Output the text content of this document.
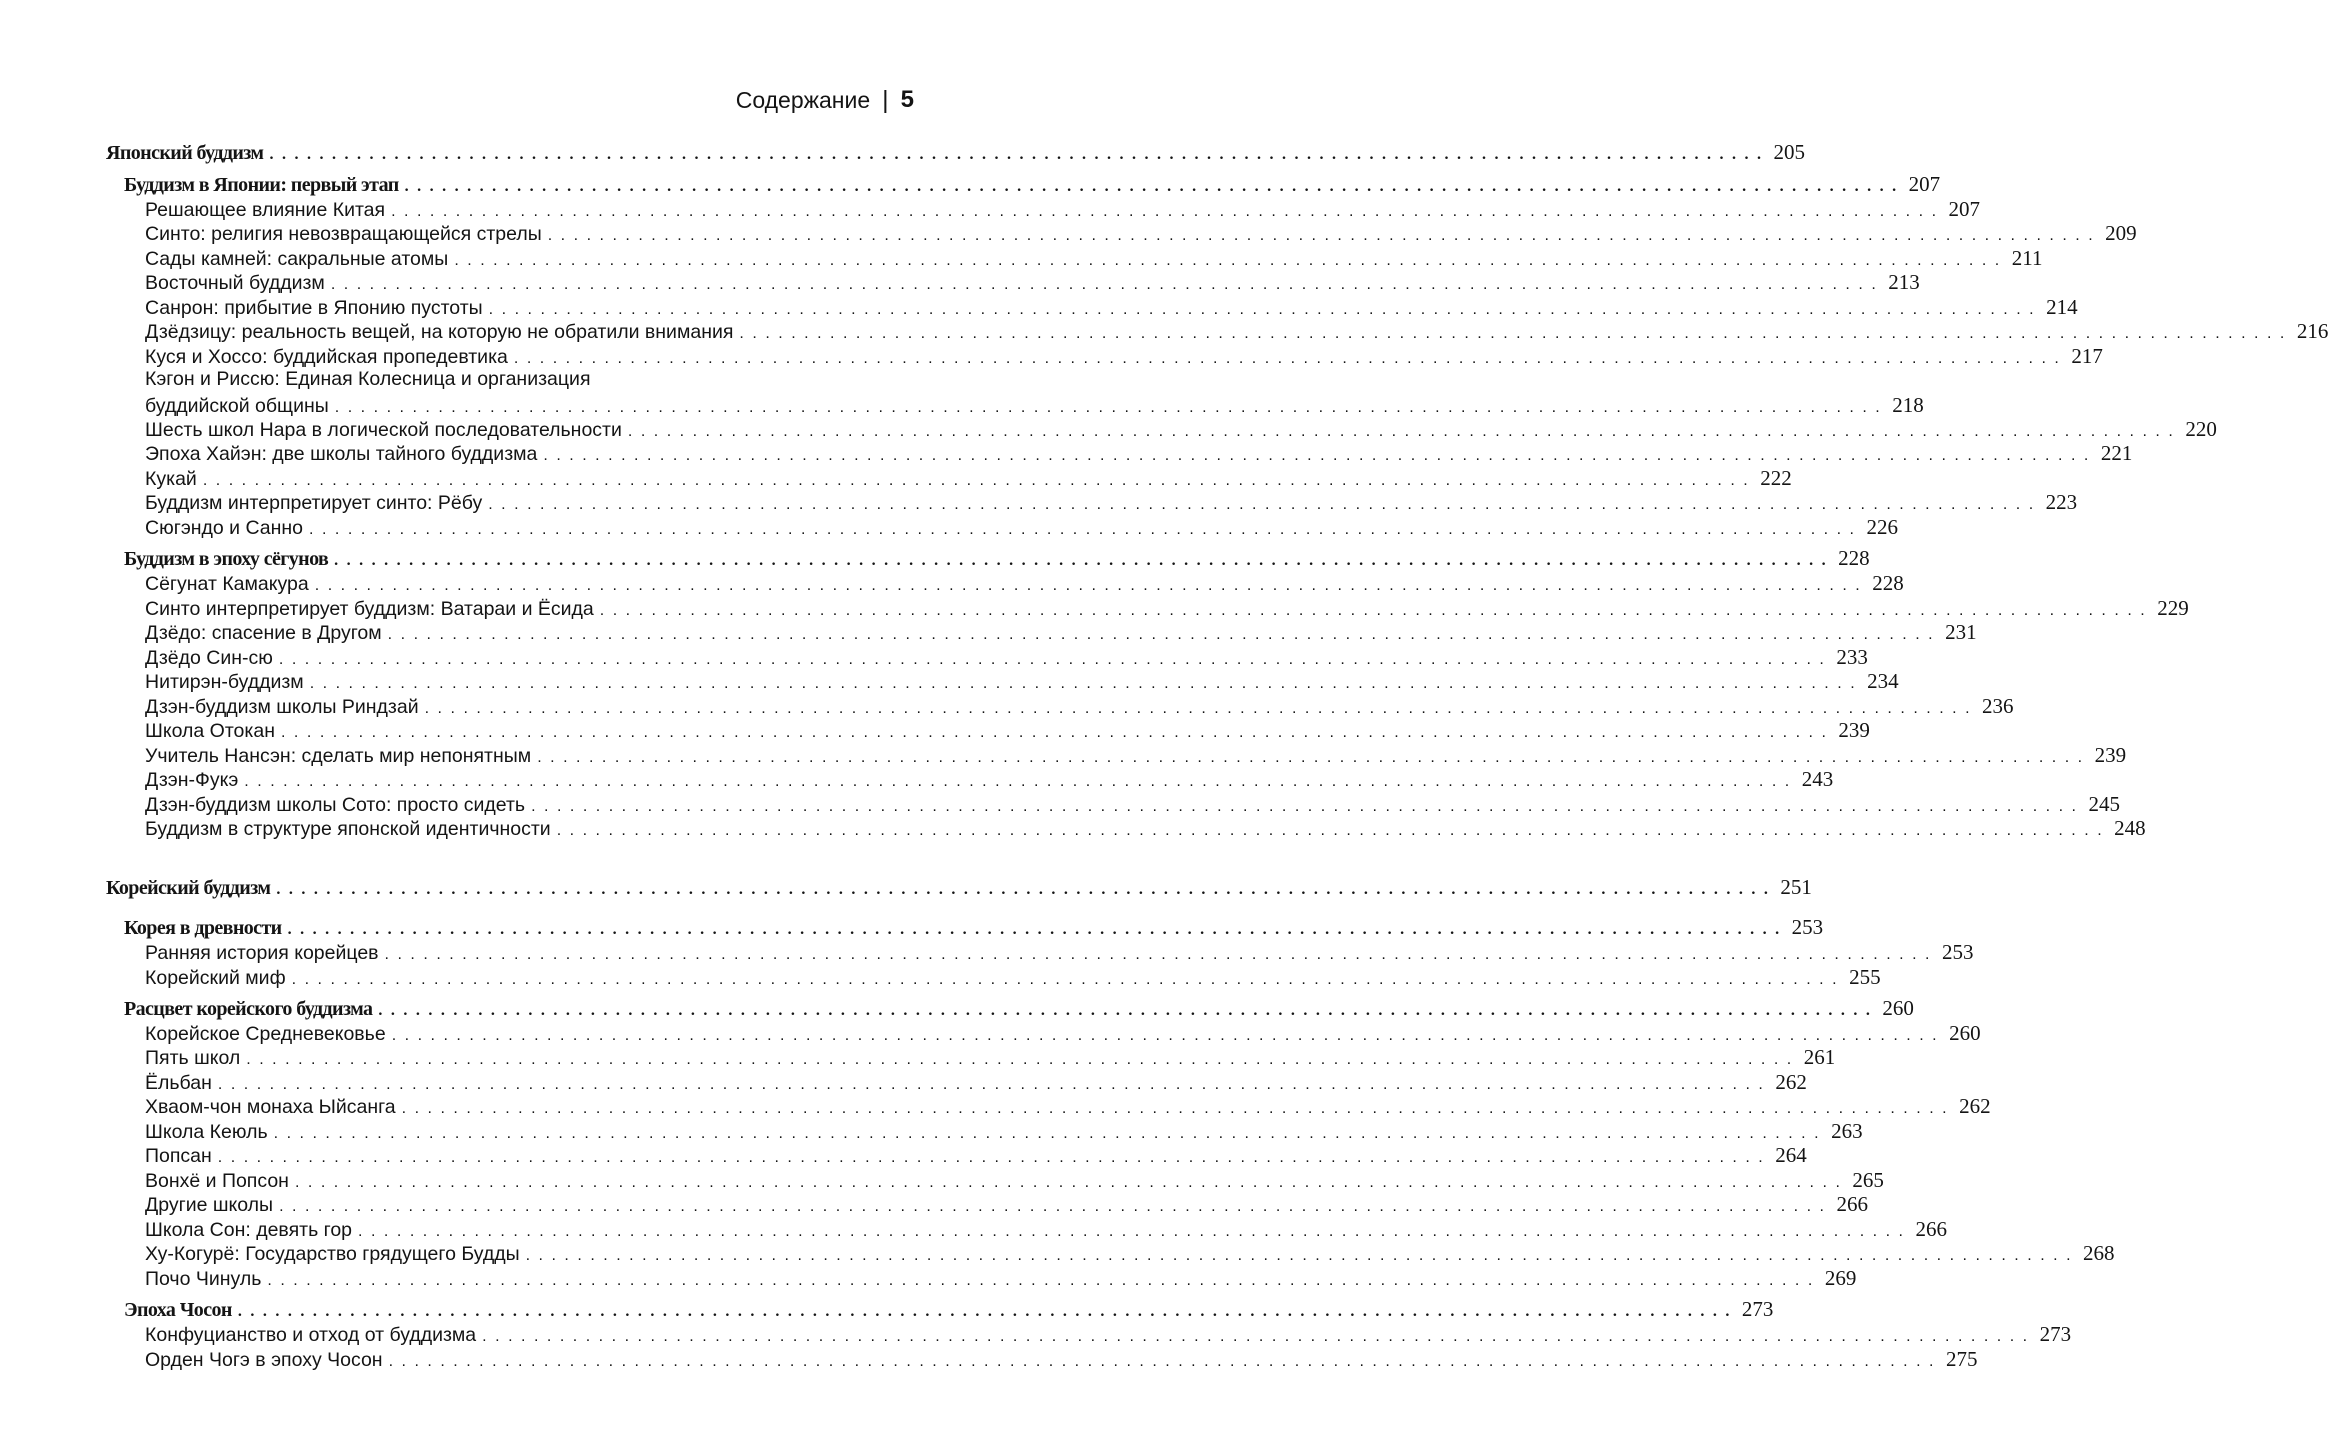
Содержание | 5
Японский буддизм ........................................................................................................................ 205
Буддизм в Японии: первый этап ........................................................................................................................ 207
Решающее влияние Китая ........................................................................................................................ 207
Синто: религия невозвращающейся стрелы ........................................................................................................................ 209
Сады камней: сакральные атомы ........................................................................................................................ 211
Восточный буддизм ........................................................................................................................ 213
Санрон: прибытие в Японию пустоты ........................................................................................................................ 214
Дзёдзицу: реальность вещей, на которую не обратили внимания ........................................................................................................................ 216
Куся и Хоссо: буддийская пропедевтика ........................................................................................................................ 217
Кэгон и Риссю: Единая Колесница и организация
буддийской общины ........................................................................................................................ 218
Шесть школ Нара в логической последовательности ........................................................................................................................ 220
Эпоха Хайэн: две школы тайного буддизма ........................................................................................................................ 221
Кукай ........................................................................................................................ 222
Буддизм интерпретирует синто: Рёбу ........................................................................................................................ 223
Сюгэндо и Санно ........................................................................................................................ 226
Буддизм в эпоху сёгунов ........................................................................................................................ 228
Сёгунат Камакура ........................................................................................................................ 228
Синто интерпретирует буддизм: Ватараи и Ёсида ........................................................................................................................ 229
Дзёдо: спасение в Другом ........................................................................................................................ 231
Дзёдо Син-сю ........................................................................................................................ 233
Нитирэн-буддизм ........................................................................................................................ 234
Дзэн-буддизм школы Риндзай ........................................................................................................................ 236
Школа Отокан ........................................................................................................................ 239
Учитель Нансэн: сделать мир непонятным ........................................................................................................................ 239
Дзэн-Фукэ ........................................................................................................................ 243
Дзэн-буддизм школы Сото: просто сидеть ........................................................................................................................ 245
Буддизм в структуре японской идентичности ........................................................................................................................ 248
Корейский буддизм ........................................................................................................................ 251
Корея в древности ........................................................................................................................ 253
Ранняя история корейцев ........................................................................................................................ 253
Корейский миф ........................................................................................................................ 255
Расцвет корейского буддизма ........................................................................................................................ 260
Корейское Средневековье ........................................................................................................................ 260
Пять школ ........................................................................................................................ 261
Ёльбан ........................................................................................................................ 262
Хваом-чон монаха Ыйсанга ........................................................................................................................ 262
Школа Кеюль ........................................................................................................................ 263
Попсан ........................................................................................................................ 264
Вонхё и Попсон ........................................................................................................................ 265
Другие школы ........................................................................................................................ 266
Школа Сон: девять гор ........................................................................................................................ 266
Ху-Когурё: Государство грядущего Будды ........................................................................................................................ 268
Почо Чинуль ........................................................................................................................ 269
Эпоха Чосон ........................................................................................................................ 273
Конфуцианство и отход от буддизма ........................................................................................................................ 273
Орден Чогэ в эпоху Чосон ........................................................................................................................ 275
